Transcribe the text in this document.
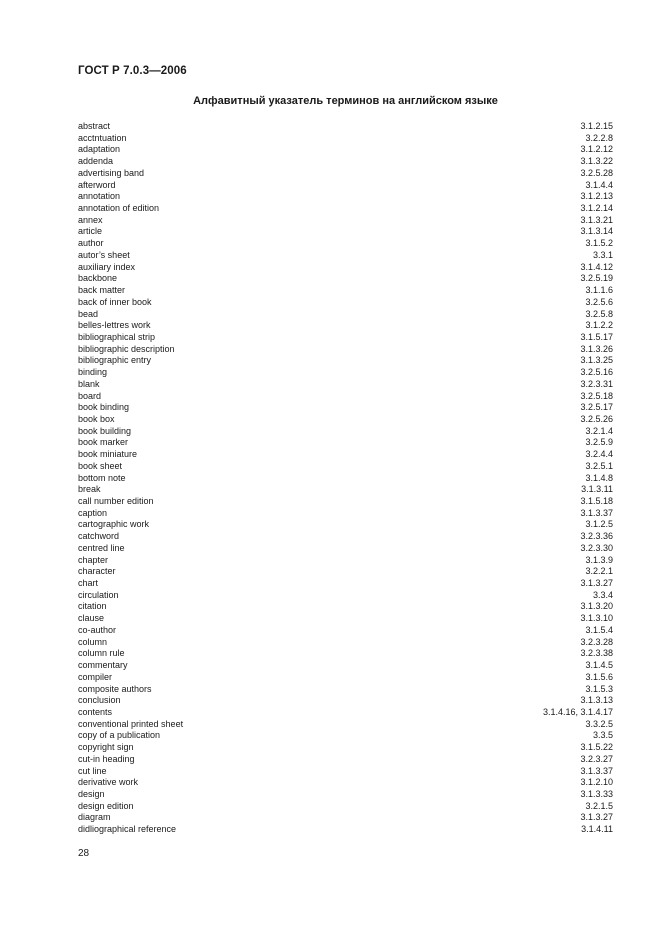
ГОСТ Р 7.0.3—2006
Алфавитный указатель терминов на английском языке
abstract	3.1.2.15
acctntuation	3.2.2.8
adaptation	3.1.2.12
addenda	3.1.3.22
advertising band	3.2.5.28
afterword	3.1.4.4
annotation	3.1.2.13
annotation of edition	3.1.2.14
annex	3.1.3.21
article	3.1.3.14
author	3.1.5.2
autor’s sheet	3.3.1
auxiliary index	3.1.4.12
backbone	3.2.5.19
back matter	3.1.1.6
back of inner book	3.2.5.6
bead	3.2.5.8
belles-lettres work	3.1.2.2
bibliographical strip	3.1.5.17
bibliographic description	3.1.3.26
bibliographic entry	3.1.3.25
binding	3.2.5.16
blank	3.2.3.31
board	3.2.5.18
book binding	3.2.5.17
book box	3.2.5.26
book building	3.2.1.4
book marker	3.2.5.9
book miniature	3.2.4.4
book sheet	3.2.5.1
bottom note	3.1.4.8
break	3.1.3.11
call number edition	3.1.5.18
caption	3.1.3.37
cartographic work	3.1.2.5
catchword	3.2.3.36
centred line	3.2.3.30
chapter	3.1.3.9
character	3.2.2.1
chart	3.1.3.27
circulation	3.3.4
citation	3.1.3.20
clause	3.1.3.10
co-author	3.1.5.4
column	3.2.3.28
column rule	3.2.3.38
commentary	3.1.4.5
compiler	3.1.5.6
composite authors	3.1.5.3
conclusion	3.1.3.13
contents	3.1.4.16, 3.1.4.17
conventional printed sheet	3.3.2.5
copy of a publication	3.3.5
copyright sign	3.1.5.22
cut-in heading	3.2.3.27
cut line	3.1.3.37
derivative work	3.1.2.10
design	3.1.3.33
design edition	3.2.1.5
diagram	3.1.3.27
didliographical reference	3.1.4.11
28
